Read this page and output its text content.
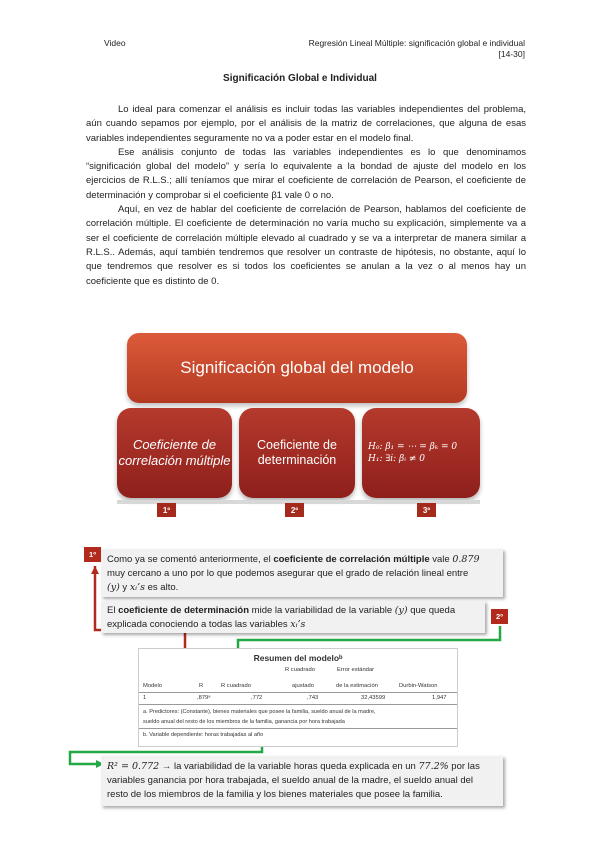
Video	Regresión Lineal Múltiple: significación global e individual
[14-30]
Significación Global e Individual

Lo ideal para comenzar el análisis es incluir todas las variables independientes del problema, aún cuando sepamos por ejemplo, por el análisis de la matriz de correlaciones, que alguna de esas variables independientes seguramente no va a poder estar en el modelo final.

Ese análisis conjunto de todas las variables independientes es lo que denominamos “significación global del modelo” y sería lo equivalente a la bondad de ajuste del modelo en los ejercicios de R.L.S.; allí teníamos que mirar el coeficiente de correlación de Pearson, el coeficiente de determinación y comprobar si el coeficiente β1 vale 0 o no.

Aquí, en vez de hablar del coeficiente de correlación de Pearson, hablamos del coeficiente de correlación múltiple. El coeficiente de determinación no varía mucho su explicación, simplemente va a ser el coeficiente de correlación múltiple elevado al cuadrado y se va a interpretar de manera similar a R.L.S.. Además, aquí también tendremos que resolver un contraste de hipótesis, no obstante, aquí lo que tendremos que resolver es si todos los coeficientes se anulan a la vez o al menos hay un coeficiente que es distinto de 0.

Significación global del modelo
Coeficiente de correlación múltiple
Coeficiente de determinación
H₀: β₁ = ⋯ = βₖ = 0
H₁: ∃i: βᵢ ≠ 0
1º	2º	3º
Como ya se comentó anteriormente, el coeficiente de correlación múltiple vale 0.879
muy cercano a uno por lo que podemos asegurar que el grado de relación lineal entre
(y) y xᵢ’s es alto.
1º
El coeficiente de determinación mide la variabilidad de la variable (y) que queda
explicada conociendo a todas las variables xᵢ’s
2º
Resumen del modeloᵇ
R cuadrado	Error estándar
Modelo	R	R cuadrado	ajustado	de la estimación	Durbin-Watson
1	,879ᵃ	,772	,743	32,43599	1,947
a. Predictores: (Constante), bienes materiales que posee la familia, sueldo anual de la madre,
sueldo anual del resto de los miembros de la familia, ganancia por hora trabajada
b. Variable dependiente: horas trabajadas al año
R² = 0.772 → la variabilidad de la variable horas queda explicada en un 77.2% por las
variables ganancia por hora trabajada, el sueldo anual de la madre, el sueldo anual del
resto de los miembros de la familia y los bienes materiales que posee la familia.
